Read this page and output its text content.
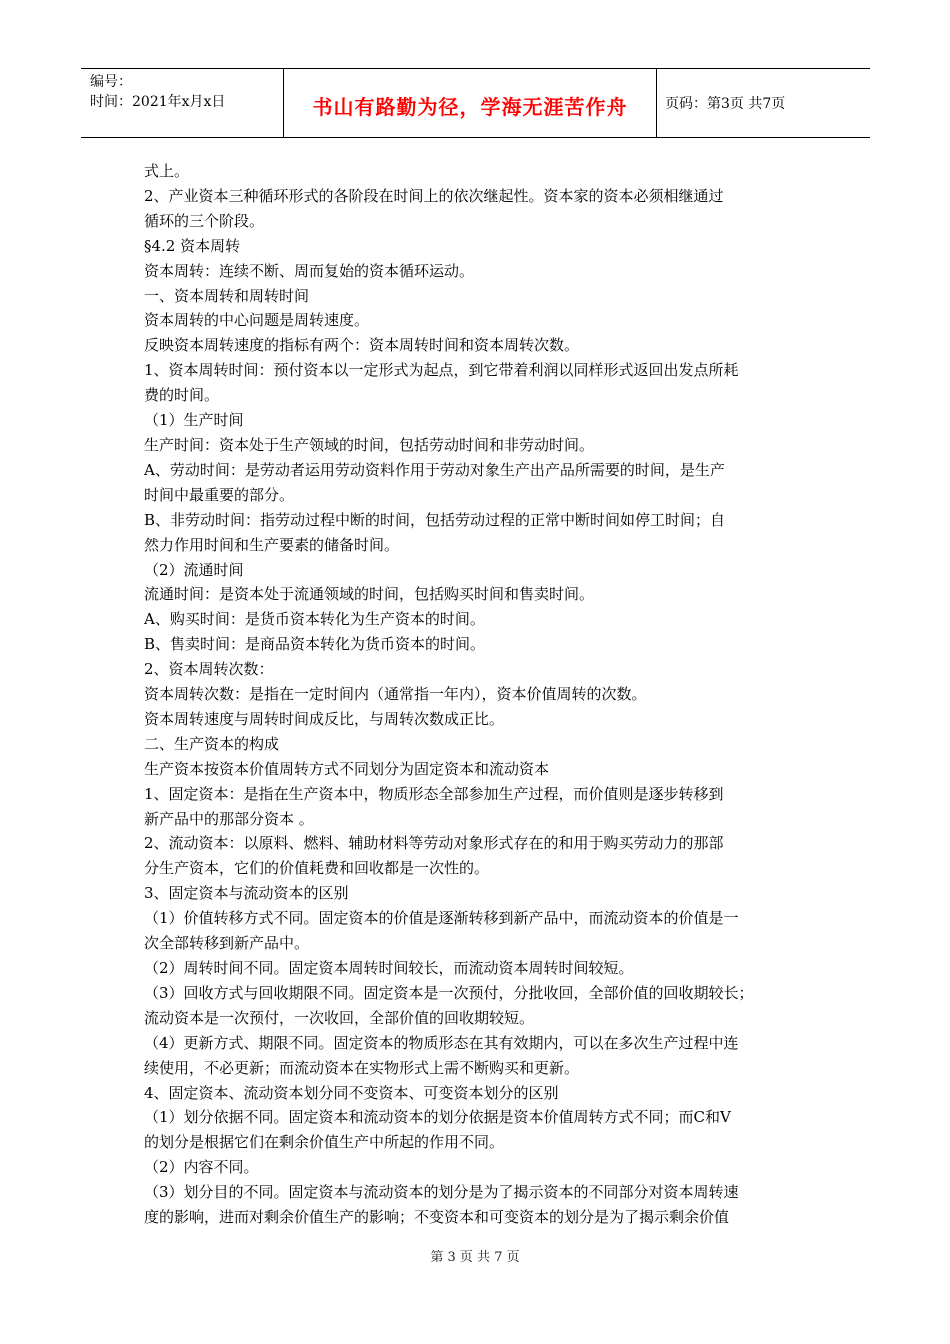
编号：
时间：2021年x月x日	书山有路勤为径，学海无涯苦作舟	页码：第3页 共7页

式上。

2、产业资本三种循环形式的各阶段在时间上的依次继起性。资本家的资本必须相继通过

循环的三个阶段。

§4.2 资本周转

资本周转：连续不断、周而复始的资本循环运动。

一、资本周转和周转时间

资本周转的中心问题是周转速度。

反映资本周转速度的指标有两个：资本周转时间和资本周转次数。

1、资本周转时间：预付资本以一定形式为起点，到它带着利润以同样形式返回出发点所耗

费的时间。

（1）生产时间

生产时间：资本处于生产领域的时间，包括劳动时间和非劳动时间。

A、劳动时间：是劳动者运用劳动资料作用于劳动对象生产出产品所需要的时间，是生产

时间中最重要的部分。

B、非劳动时间：指劳动过程中断的时间，包括劳动过程的正常中断时间如停工时间；自

然力作用时间和生产要素的储备时间。

（2）流通时间

流通时间：是资本处于流通领域的时间，包括购买时间和售卖时间。

A、购买时间：是货币资本转化为生产资本的时间。

B、售卖时间：是商品资本转化为货币资本的时间。

2、资本周转次数：

资本周转次数：是指在一定时间内（通常指一年内），资本价值周转的次数。

资本周转速度与周转时间成反比，与周转次数成正比。

二、生产资本的构成

生产资本按资本价值周转方式不同划分为固定资本和流动资本

1、固定资本：是指在生产资本中，物质形态全部参加生产过程，而价值则是逐步转移到

新产品中的那部分资本 。

2、流动资本：以原料、燃料、辅助材料等劳动对象形式存在的和用于购买劳动力的那部

分生产资本，它们的价值耗费和回收都是一次性的。

3、固定资本与流动资本的区别

（1）价值转移方式不同。固定资本的价值是逐渐转移到新产品中，而流动资本的价值是一

次全部转移到新产品中。

（2）周转时间不同。固定资本周转时间较长，而流动资本周转时间较短。

（3）回收方式与回收期限不同。固定资本是一次预付，分批收回，全部价值的回收期较长；

流动资本是一次预付，一次收回，全部价值的回收期较短。

（4）更新方式、期限不同。固定资本的物质形态在其有效期内，可以在多次生产过程中连

续使用，不必更新；而流动资本在实物形式上需不断购买和更新。

4、固定资本、流动资本划分同不变资本、可变资本划分的区别

（1）划分依据不同。固定资本和流动资本的划分依据是资本价值周转方式不同；而C和V

的划分是根据它们在剩余价值生产中所起的作用不同。

（2）内容不同。

（3）划分目的不同。固定资本与流动资本的划分是为了揭示资本的不同部分对资本周转速

度的影响，进而对剩余价值生产的影响；不变资本和可变资本的划分是为了揭示剩余价值

第 3 页 共 7 页
